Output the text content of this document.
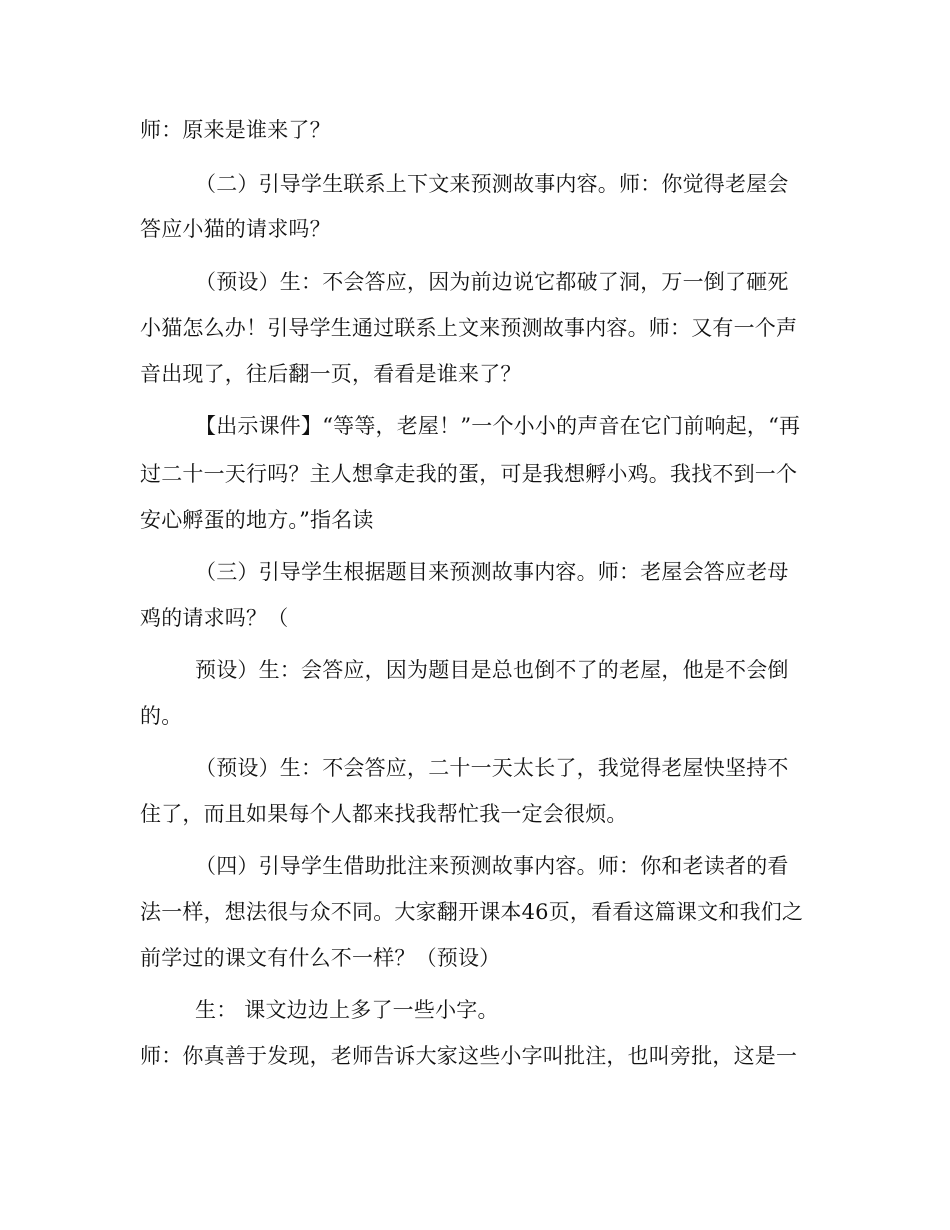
师：原来是谁来了？
（二）引导学生联系上下文来预测故事内容。师：你觉得老屋会
答应小猫的请求吗？
（预设）生：不会答应，因为前边说它都破了洞，万一倒了砸死
小猫怎么办！引导学生通过联系上文来预测故事内容。师：又有一个声
音出现了，往后翻一页，看看是谁来了？
【出示课件】“等等，老屋！”一个小小的声音在它门前响起，“再
过二十一天行吗？主人想拿走我的蛋，可是我想孵小鸡。我找不到一个
安心孵蛋的地方。”指名读
（三）引导学生根据题目来预测故事内容。师：老屋会答应老母
鸡的请求吗？（
预设）生：会答应，因为题目是总也倒不了的老屋，他是不会倒
的。
（预设）生：不会答应，二十一天太长了，我觉得老屋快坚持不
住了，而且如果每个人都来找我帮忙我一定会很烦。
（四）引导学生借助批注来预测故事内容。师：你和老读者的看
法一样，想法很与众不同。大家翻开课本46页，看看这篇课文和我们之
前学过的课文有什么不一样？（预设）
生： 课文边边上多了一些小字。
师：你真善于发现，老师告诉大家这些小字叫批注，也叫旁批，这是一
